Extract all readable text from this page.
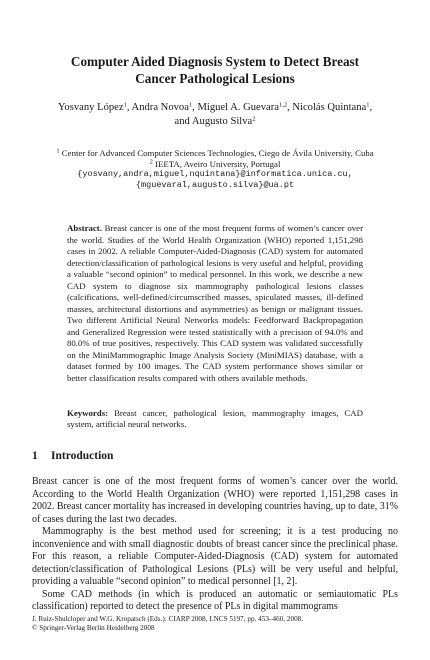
Computer Aided Diagnosis System to Detect Breast
Cancer Pathological Lesions
Yosvany López$^1$, Andra Novoa$^1$, Miguel A. Guevara$^{1,2}$, Nicolás Quintana$^1$,
and Augusto Silva$^2$
$^1$ Center for Advanced Computer Sciences Technologies, Ciego de Ávila University, Cuba
$^2$ IEETA, Aveiro University, Portugal
{yosvany,andra,miguel,nquintana}@informatica.unica.cu,
{mguevaral,augusto.silva}@ua.pt

Abstract. Breast cancer is one of the most frequent forms of women’s cancer over the world. Studies of the World Health Organization (WHO) reported 1,151,298 cases in 2002. A reliable Computer-Aided-Diagnosis (CAD) system for automated detection/classification of pathological lesions is very useful and helpful, providing a valuable “second opinion” to medical personnel. In this work, we describe a new CAD system to diagnose six mammography pathological lesions classes (calcifications, well-defined/circumscribed masses, spiculated masses, ill-defined masses, architectural distortions and asymmetries) as benign or malignant tissues. Two different Artificial Neural Networks models: Feedforward Backpropagation and Generalized Regression were tested statistically with a precision of 94.0% and 80.0% of true positives, respectively. This CAD system was validated successfully on the MiniMammographic Image Analysis Society (MiniMIAS) database, with a dataset formed by 100 images. The CAD system performance shows similar or better classification results compared with others available methods.

Keywords: Breast cancer, pathological lesion, mammography images, CAD system, artificial neural networks.

1 Introduction

Breast cancer is one of the most frequent forms of women’s cancer over the world. According to the World Health Organization (WHO) were reported 1,151,298 cases in 2002. Breast cancer mortality has increased in developing countries having, up to date, 31% of cases during the last two decades.

Mammography is the best method used for screening; it is a test producing no inconvenience and with small diagnostic doubts of breast cancer since the preclinical phase. For this reason, a reliable Computer-Aided-Diagnosis (CAD) system for automated detection/classification of Pathological Lesions (PLs) will be very useful and helpful, providing a valuable “second opinion” to medical personnel [1, 2].

Some CAD methods (in which is produced an automatic or semiautomatic PLs classification) reported to detect the presence of PLs in digital mammograms

J. Ruiz-Shulcloper and W.G. Kropatsch (Eds.): CIARP 2008, LNCS 5197, pp. 453–460, 2008.
© Springer-Verlag Berlin Heidelberg 2008
